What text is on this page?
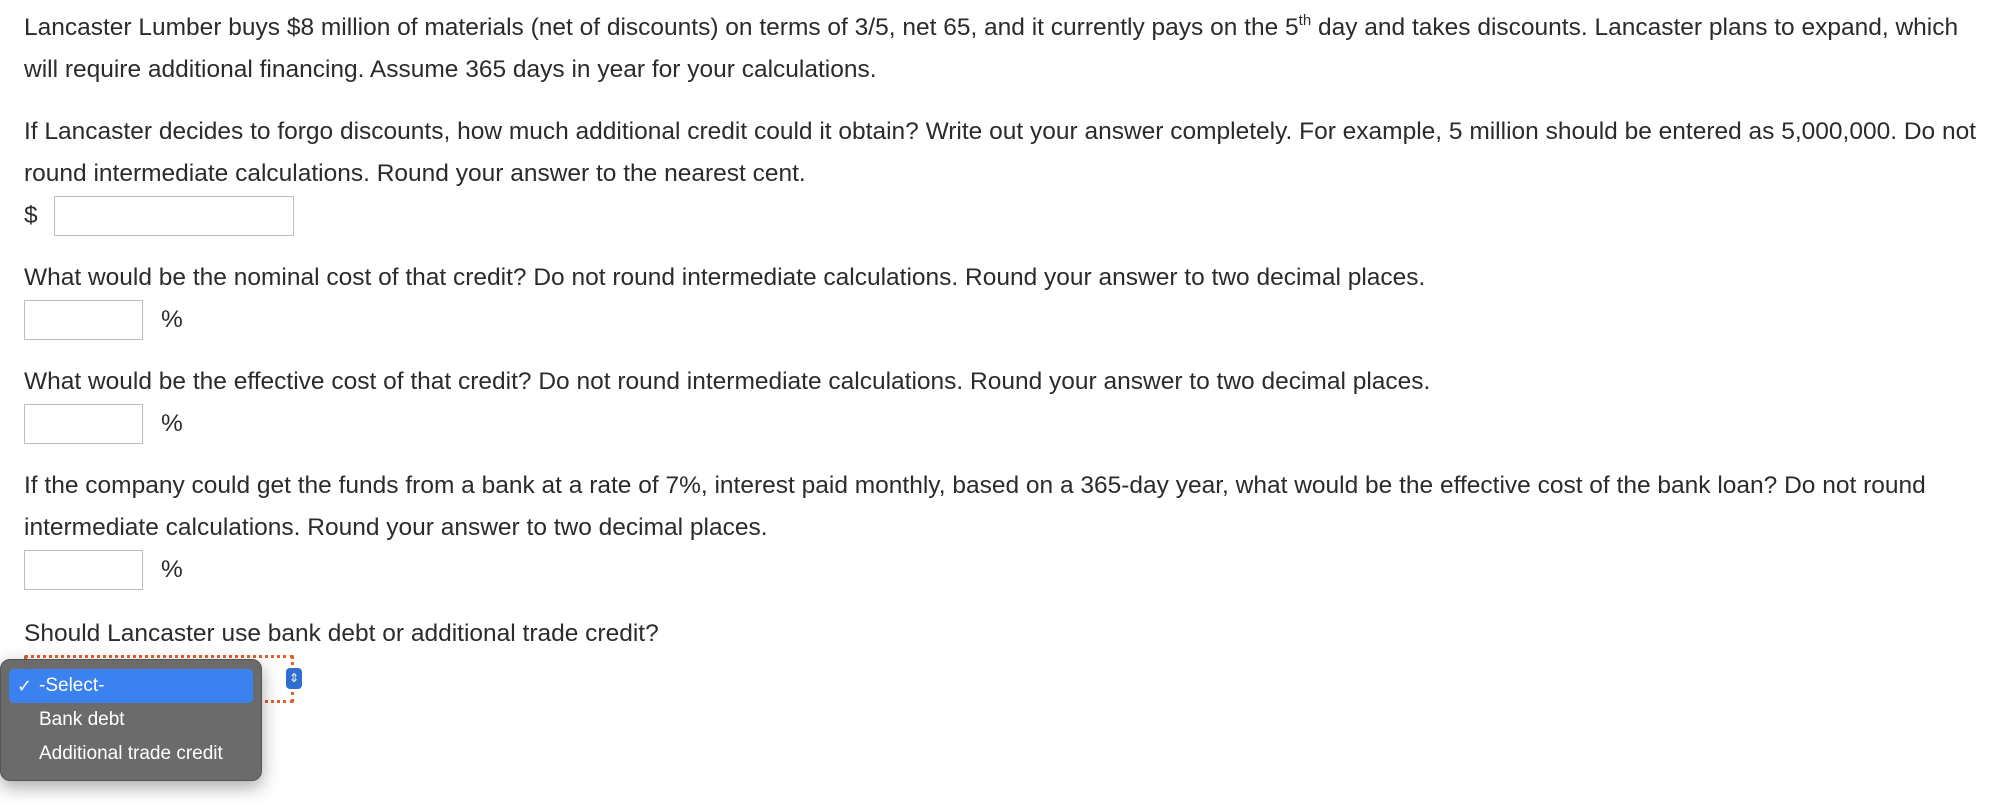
Lancaster Lumber buys $8 million of materials (net of discounts) on terms of 3/5, net 65, and it currently pays on the 5th day and takes discounts. Lancaster plans to expand, which will require additional financing. Assume 365 days in year for your calculations.

If Lancaster decides to forgo discounts, how much additional credit could it obtain? Write out your answer completely. For example, 5 million should be entered as 5,000,000. Do not round intermediate calculations. Round your answer to the nearest cent.

$

What would be the nominal cost of that credit? Do not round intermediate calculations. Round your answer to two decimal places.

%

What would be the effective cost of that credit? Do not round intermediate calculations. Round your answer to two decimal places.

%

If the company could get the funds from a bank at a rate of 7%, interest paid monthly, based on a 365-day year, what would be the effective cost of the bank loan? Do not round intermediate calculations. Round your answer to two decimal places.

%

Should Lancaster use bank debt or additional trade credit?

⇕
✓ -Select-
Bank debt
Additional trade credit
